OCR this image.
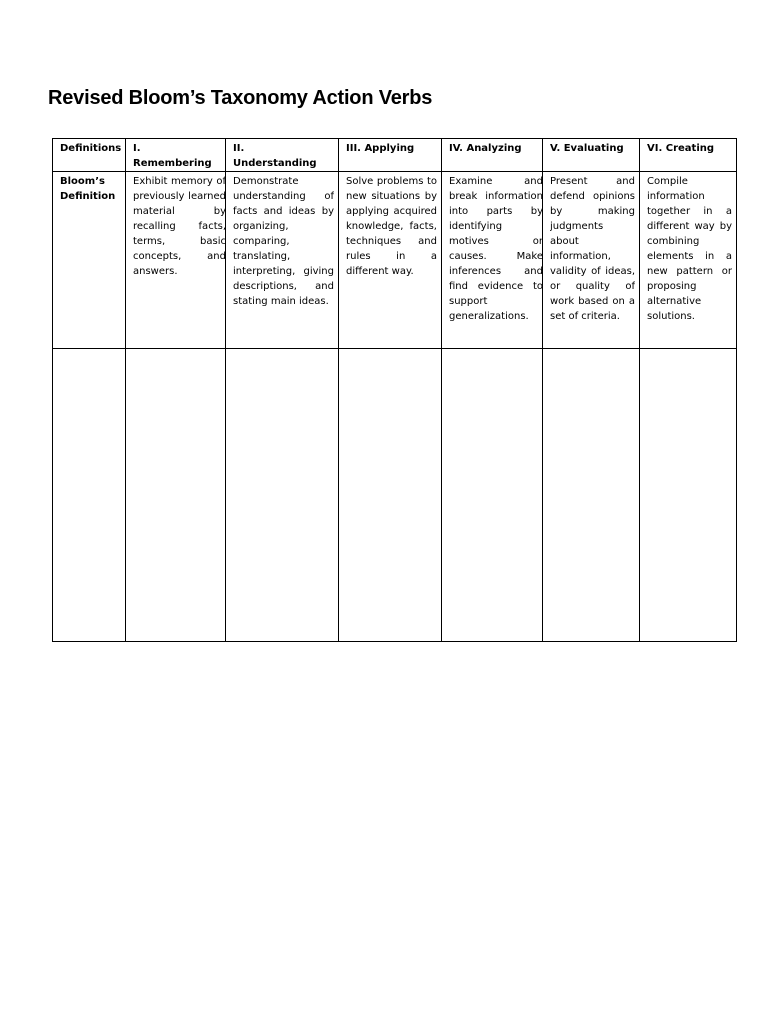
Revised Bloom’s Taxonomy Action Verbs
Definitions	I. Remembering	II. Understanding	III. Applying	IV. Analyzing	V. Evaluating	VI. Creating

Bloom’s Definition	Exhibit memory of previously learned material by recalling facts, terms, basic concepts, and answers.	Demonstrate understanding of facts and ideas by organizing, comparing, translating, interpreting, giving descriptions, and stating main ideas.	Solve problems to new situations by applying acquired knowledge, facts, techniques and rules in a different way.	Examine and break information into parts by identifying motives or causes. Make inferences and find evidence to support generalizations.	Present and defend opinions by making judgments about information, validity of ideas, or quality of work based on a set of criteria.	Compile information together in a different way by combining elements in a new pattern or proposing alternative solutions.
